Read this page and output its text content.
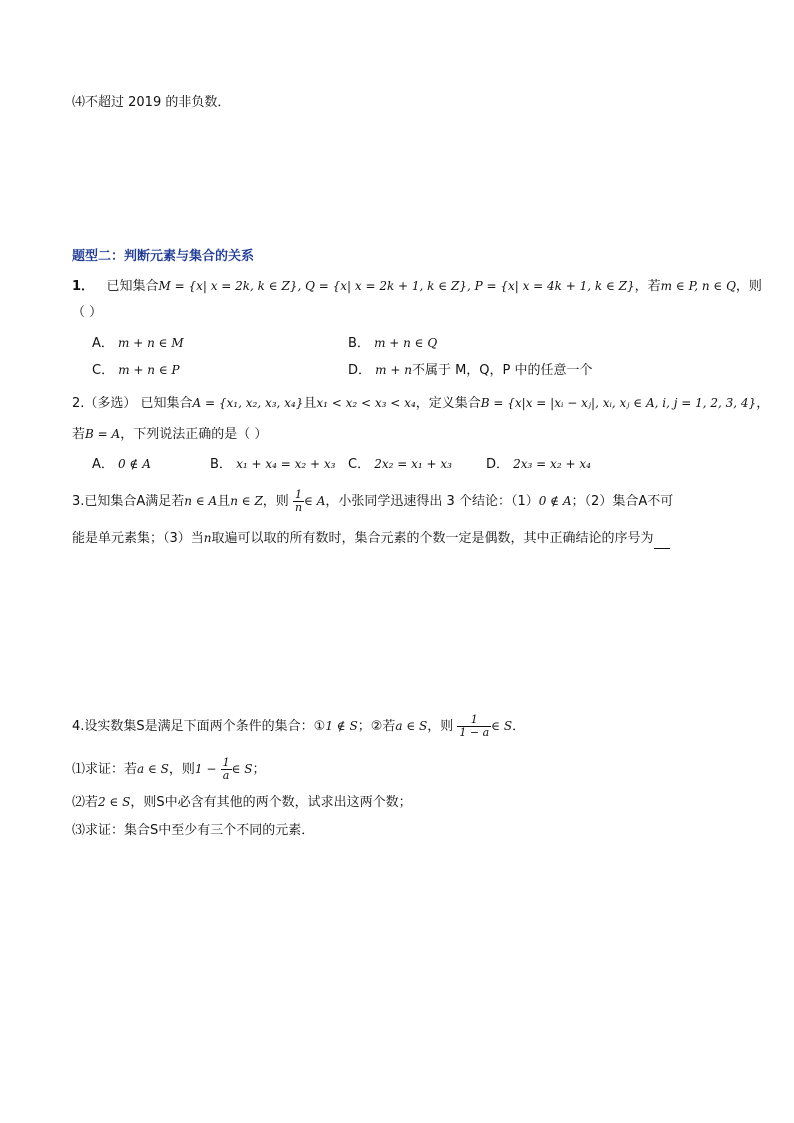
⑷不超过 2019 的非负数．
题型二：判断元素与集合的关系
1． 已知集合M = {x| x = 2k, k ∈ Z}, Q = {x| x = 2k + 1, k ∈ Z}, P = {x| x = 4k + 1, k ∈ Z}，若m ∈ P, n ∈ Q，则
（ ）
A． m + n ∈ M	B． m + n ∈ Q
C． m + n ∈ P	D． m + n不属于 M，Q，P 中的任意一个
2.（多选） 已知集合A = {x₁, x₂, x₃, x₄}且x₁ < x₂ < x₃ < x₄，定义集合B = {x|x = |xᵢ − xⱼ|, xᵢ, xⱼ ∈ A, i, j = 1, 2, 3, 4}，
若B = A，下列说法正确的是（ ）
A． 0 ∉ A	B． x₁ + x₄ = x₂ + x₃ C． 2x₂ = x₁ + x₃	D． 2x₃ = x₂ + x₄
3.已知集合A满足若n ∈ A且n ∈ Z，则 $\frac{1}{n}$ ∈ A，小张同学迅速得出 3 个结论：（1）0 ∉ A；（2）集合A不可
能是单元素集；（3）当n取遍可以取的所有数时，集合元素的个数一定是偶数，其中正确结论的序号为
4.设实数集S是满足下面两个条件的集合：①1 ∉ S；②若a ∈ S，则 $\frac{1}{1 - a}$ ∈ S．
⑴求证：若a ∈ S，则$1 - \frac{1}{a}$ ∈ S；
⑵若2 ∈ S，则S中必含有其他的两个数，试求出这两个数；
⑶求证：集合S中至少有三个不同的元素．
